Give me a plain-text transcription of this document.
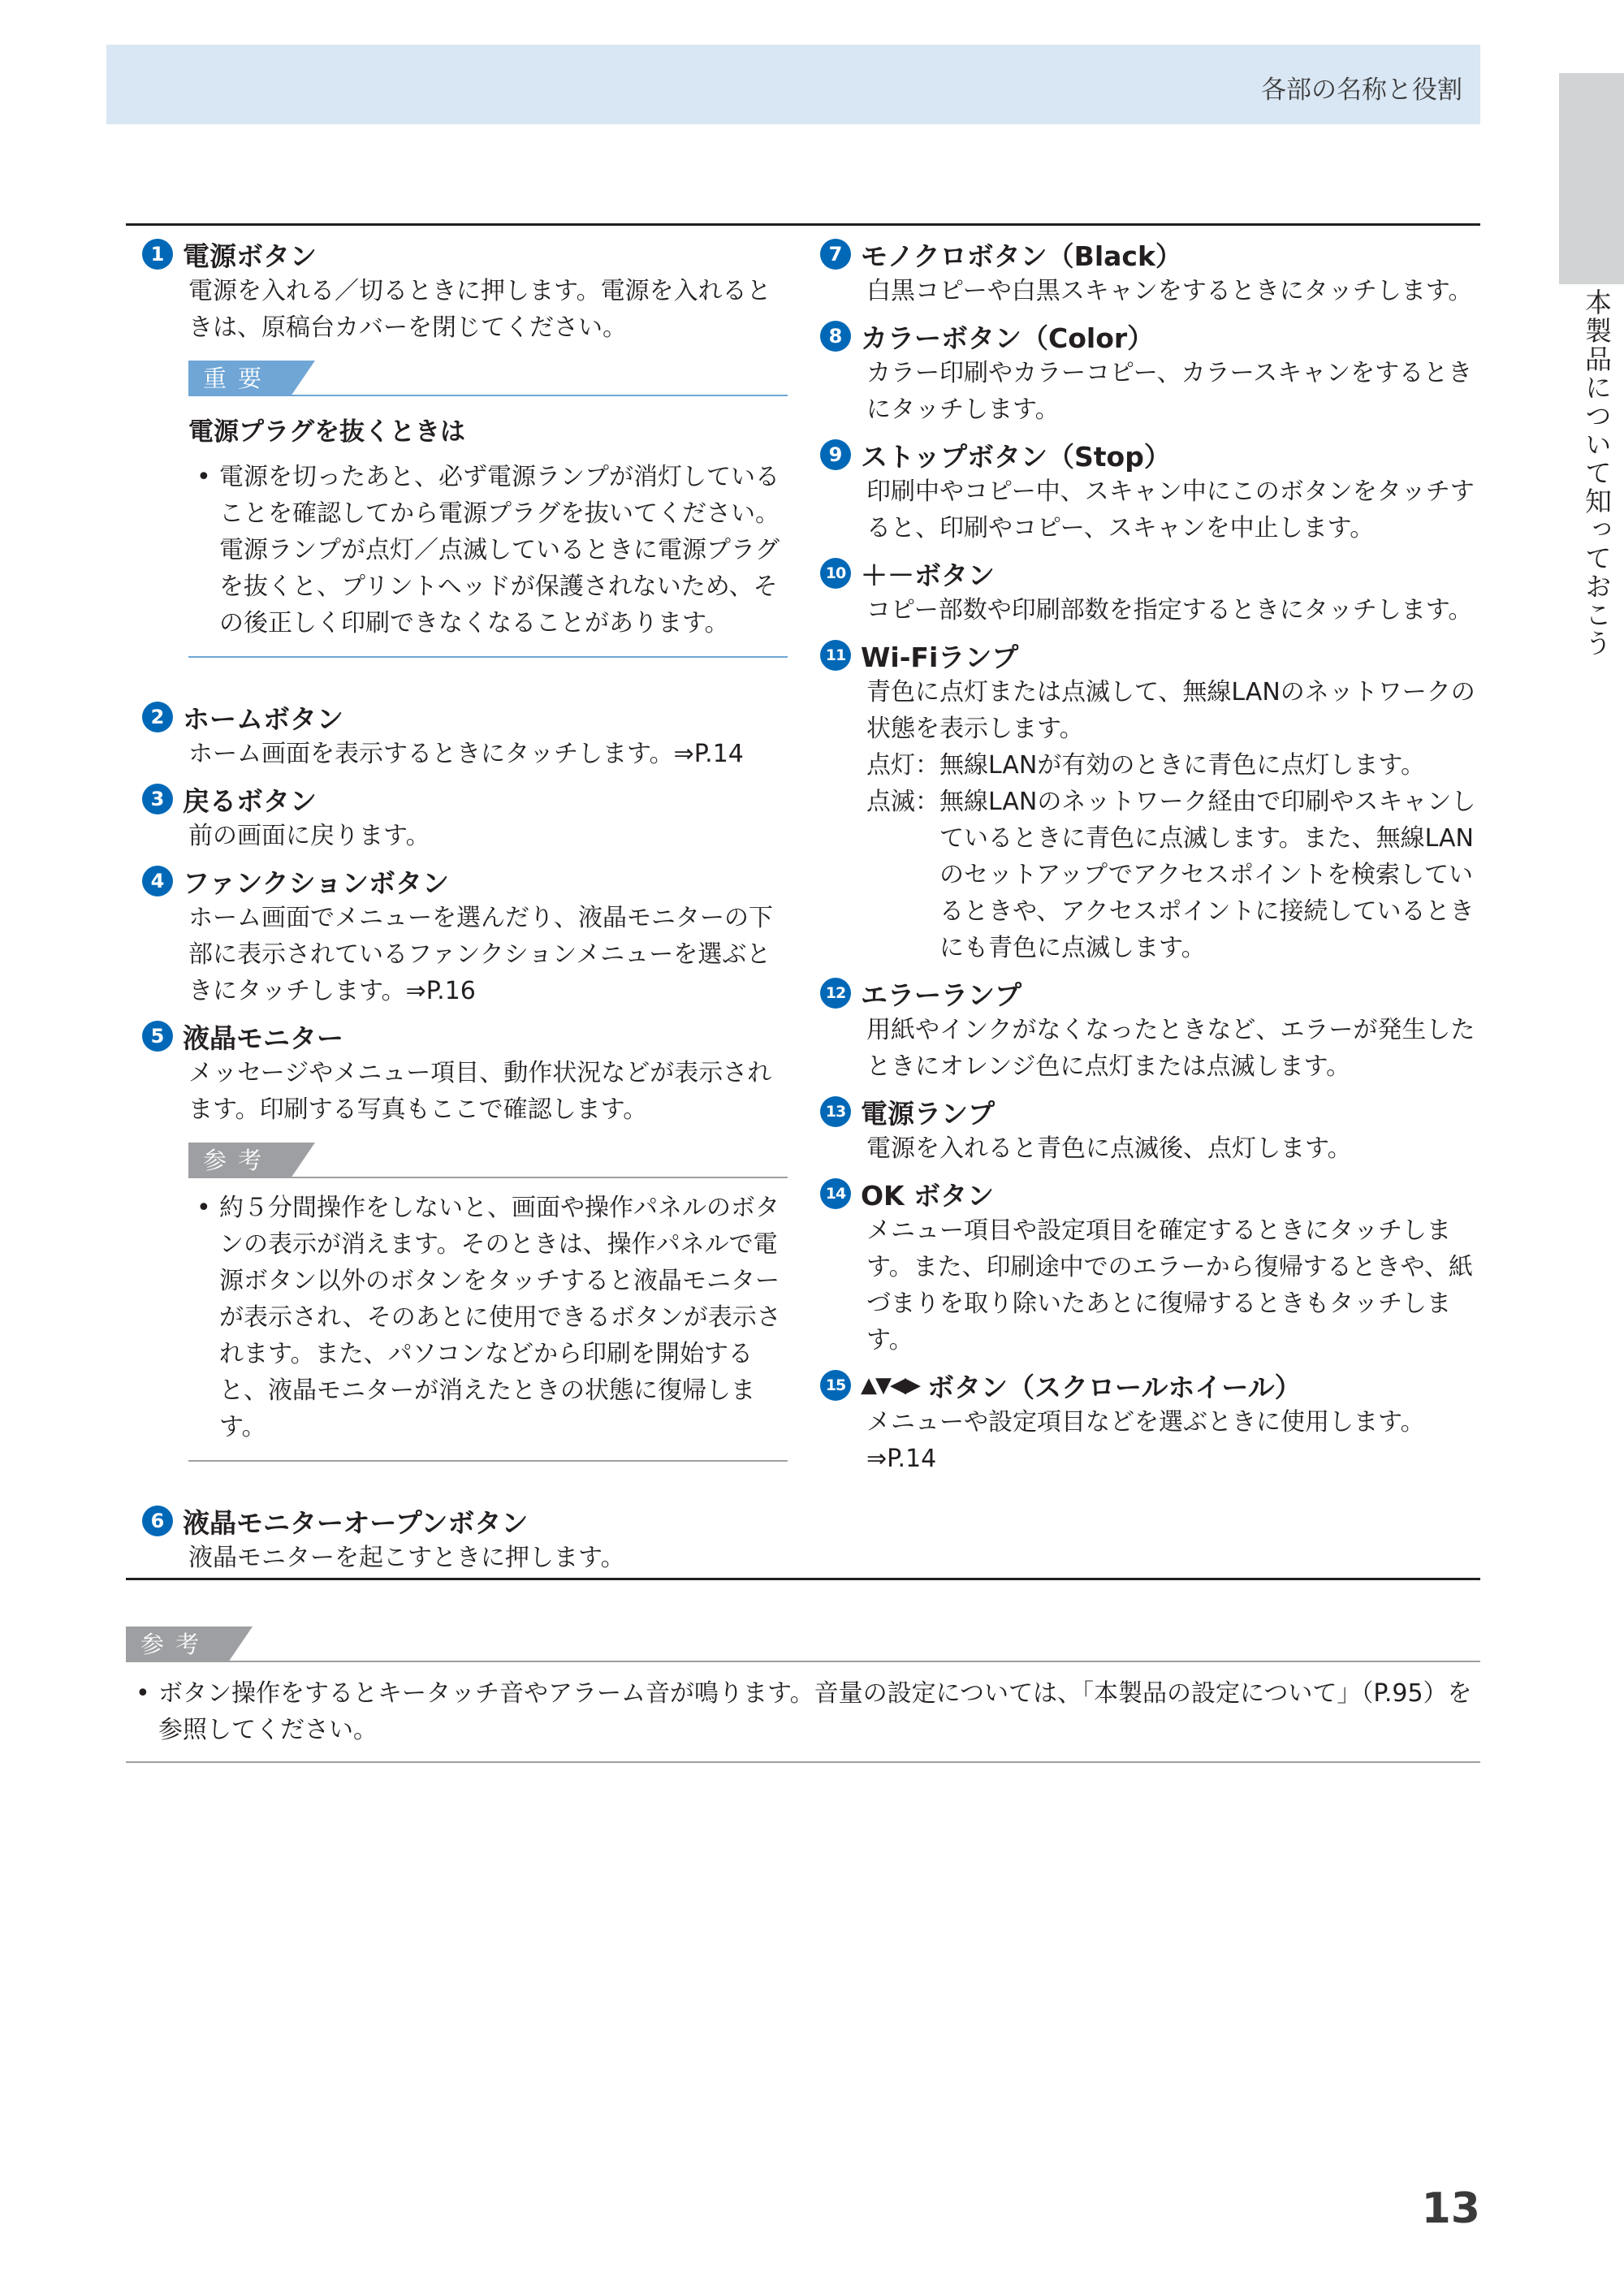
各部の名称と役割
本製品について知っておこう
1 電源ボタン
電源を入れる／切るときに押します。電源を入れるときは、原稿台カバーを閉じてください。
重要
電源プラグを抜くときは
• 電源を切ったあと、必ず電源ランプが消灯していることを確認してから電源プラグを抜いてください。電源ランプが点灯／点滅しているときに電源プラグを抜くと、プリントヘッドが保護されないため、その後正しく印刷できなくなることがあります。
2 ホームボタン
ホーム画面を表示するときにタッチします。⇒P.14
3 戻るボタン
前の画面に戻ります。
4 ファンクションボタン
ホーム画面でメニューを選んだり、液晶モニターの下部に表示されているファンクションメニューを選ぶときにタッチします。⇒P.16
5 液晶モニター
メッセージやメニュー項目、動作状況などが表示されます。印刷する写真もここで確認します。
参考
• 約５分間操作をしないと、画面や操作パネルのボタンの表示が消えます。そのときは、操作パネルで電源ボタン以外のボタンをタッチすると液晶モニターが表示され、そのあとに使用できるボタンが表示されます。また、パソコンなどから印刷を開始すると、液晶モニターが消えたときの状態に復帰します。
6 液晶モニターオープンボタン
液晶モニターを起こすときに押します。
7 モノクロボタン（Black）
白黒コピーや白黒スキャンをするときにタッチします。
8 カラーボタン（Color）
カラー印刷やカラーコピー、カラースキャンをするときにタッチします。
9 ストップボタン（Stop）
印刷中やコピー中、スキャン中にこのボタンをタッチすると、印刷やコピー、スキャンを中止します。
10 ＋－ボタン
コピー部数や印刷部数を指定するときにタッチします。
11 Wi-Fiランプ
青色に点灯または点滅して、無線LANのネットワークの状態を表示します。
点灯： 無線LANが有効のときに青色に点灯します。
点滅： 無線LANのネットワーク経由で印刷やスキャンしているときに青色に点滅します。また、無線LANのセットアップでアクセスポイントを検索しているときや、アクセスポイントに接続しているときにも青色に点滅します。
12 エラーランプ
用紙やインクがなくなったときなど、エラーが発生したときにオレンジ色に点灯または点滅します。
13 電源ランプ
電源を入れると青色に点滅後、点灯します。
14 OK ボタン
メニュー項目や設定項目を確定するときにタッチします。また、印刷途中でのエラーから復帰するときや、紙づまりを取り除いたあとに復帰するときもタッチします。
15 ▲▼◀▶ ボタン（スクロールホイール）
メニューや設定項目などを選ぶときに使用します。⇒P.14
参考
• ボタン操作をするとキータッチ音やアラーム音が鳴ります。音量の設定については、「本製品の設定について」（P.95）を参照してください。
13
